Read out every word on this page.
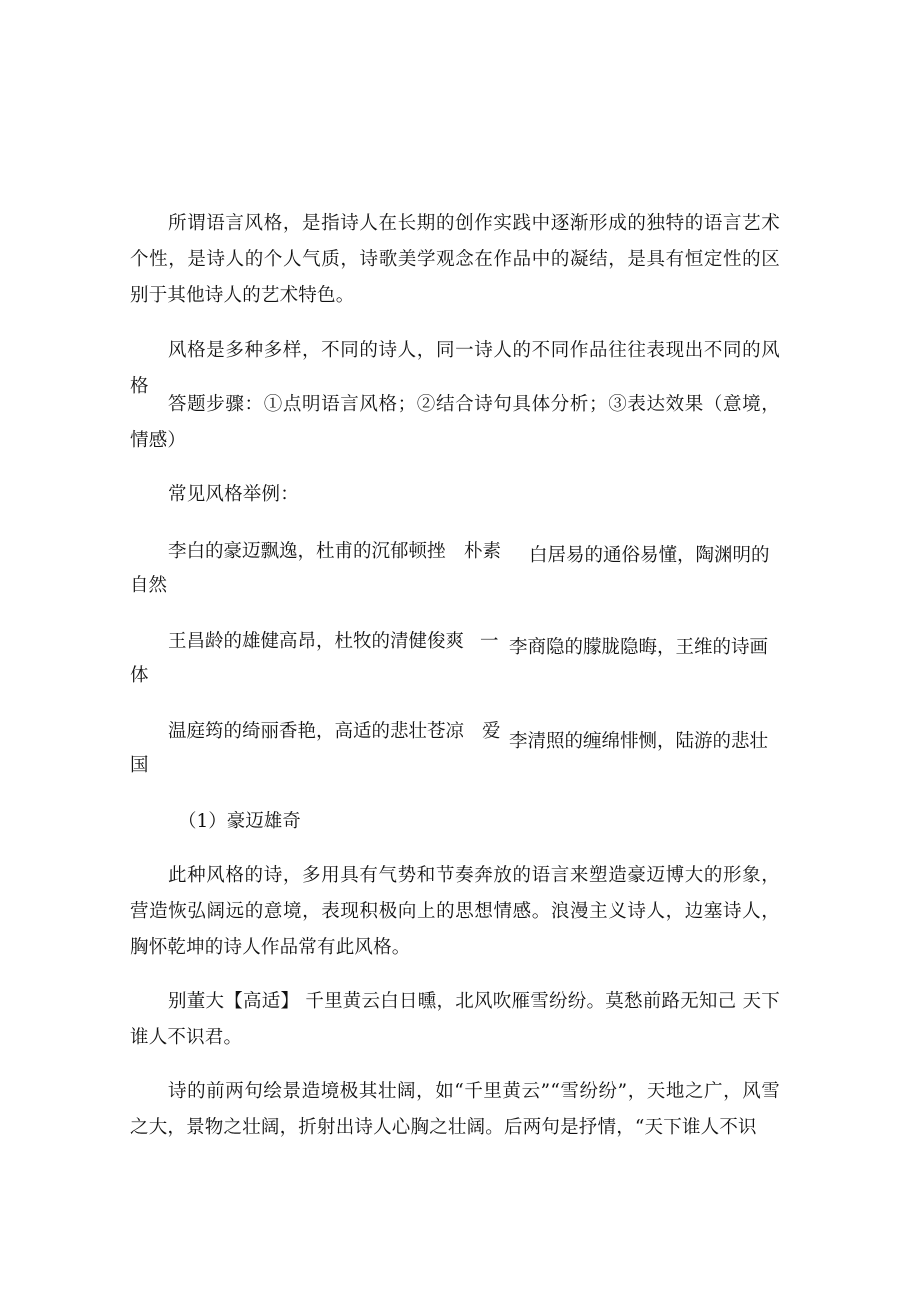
所谓语言风格，是指诗人在长期的创作实践中逐渐形成的独特的语言艺术个性，是诗人的个人气质，诗歌美学观念在作品中的凝结，是具有恒定性的区别于其他诗人的艺术特色。
风格是多种多样，不同的诗人，同一诗人的不同作品往往表现出不同的风格
答题步骤：①点明语言风格；②结合诗句具体分析；③表达效果（意境，情感）
常见风格举例：
李白的豪迈飘逸，杜甫的沉郁顿挫 朴素 白居易的通俗易懂，陶渊明的
自然
王昌龄的雄健高昂，杜牧的清健俊爽 一 李商隐的朦胧隐晦，王维的诗画
体
温庭筠的绮丽香艳，高适的悲壮苍凉 爱 李清照的缠绵悱恻，陆游的悲壮
国
（1）豪迈雄奇
此种风格的诗，多用具有气势和节奏奔放的语言来塑造豪迈博大的形象，营造恢弘阔远的意境，表现积极向上的思想情感。浪漫主义诗人，边塞诗人，胸怀乾坤的诗人作品常有此风格。
别董大【高适】 千里黄云白日曛，北风吹雁雪纷纷。莫愁前路无知己 天下谁人不识君。
诗的前两句绘景造境极其壮阔，如“千里黄云”“雪纷纷”，天地之广，风雪之大，景物之壮阔，折射出诗人心胸之壮阔。后两句是抒情，“天下谁人不识
